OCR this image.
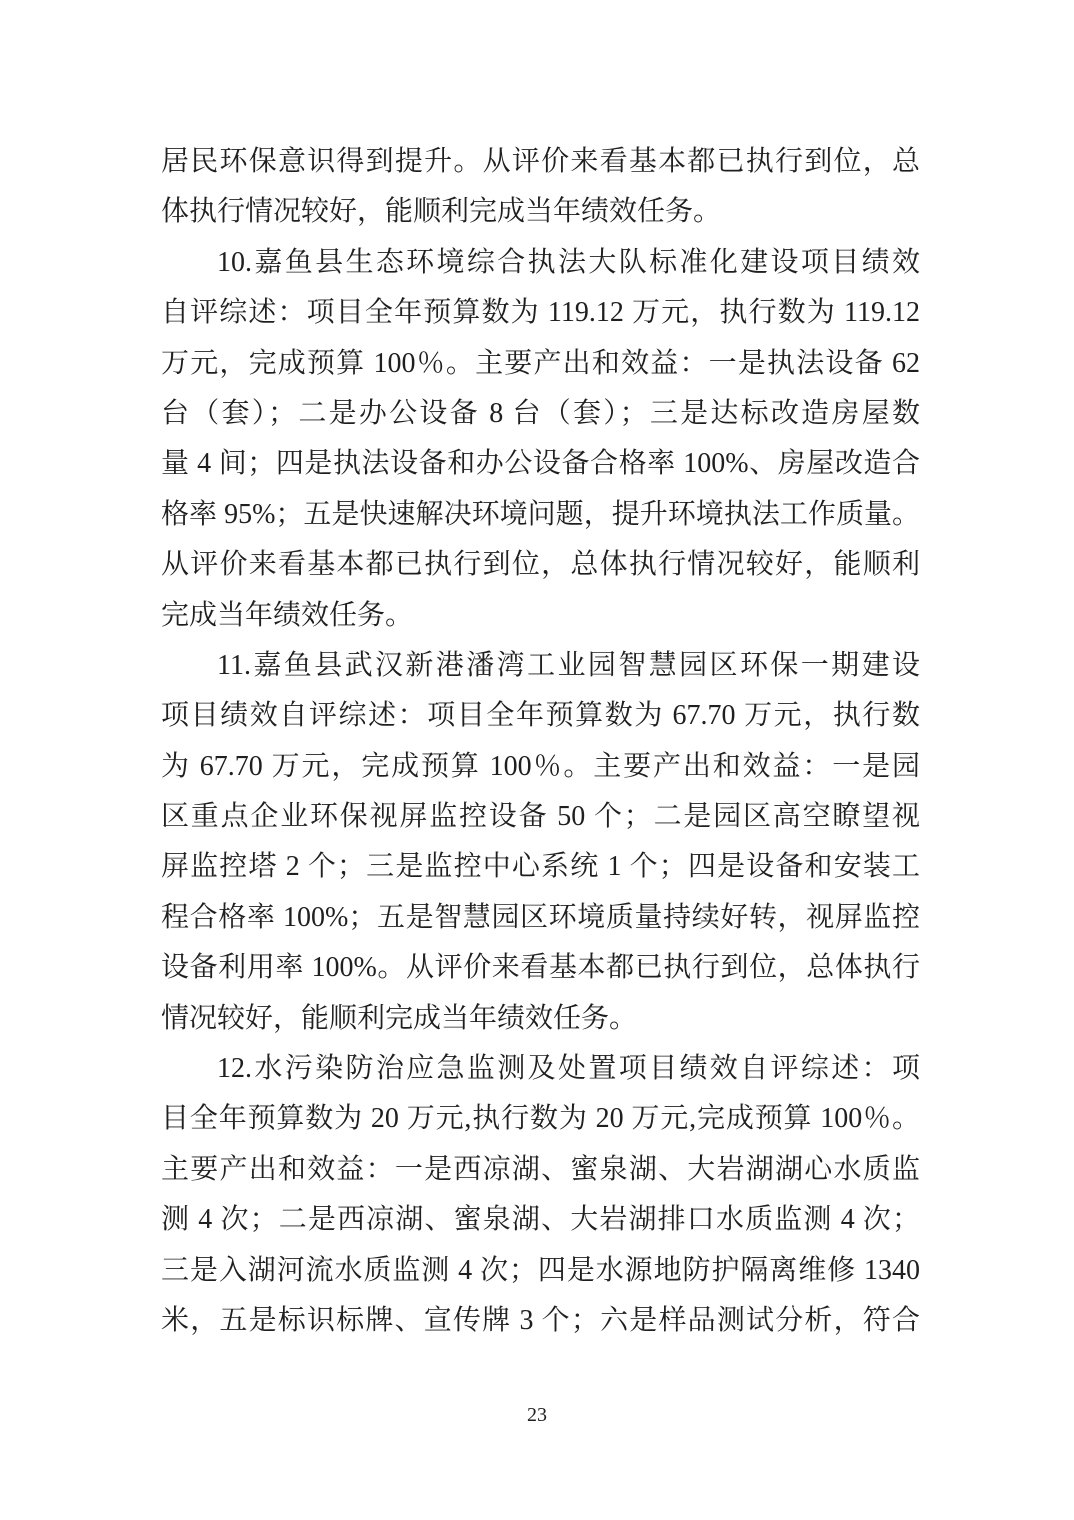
居民环保意识得到提升。从评价来看基本都已执行到位，总
体执行情况较好，能顺利完成当年绩效任务。
10.嘉鱼县生态环境综合执法大队标准化建设项目绩效
自评综述：项目全年预算数为 119.12 万元，执行数为 119.12
万元，完成预算 100％。主要产出和效益：一是执法设备 62
台（套）；二是办公设备 8 台（套）；三是达标改造房屋数
量 4 间；四是执法设备和办公设备合格率 100%、房屋改造合
格率 95%；五是快速解决环境问题，提升环境执法工作质量。
从评价来看基本都已执行到位，总体执行情况较好，能顺利
完成当年绩效任务。
11.嘉鱼县武汉新港潘湾工业园智慧园区环保一期建设
项目绩效自评综述：项目全年预算数为 67.70 万元，执行数
为 67.70 万元，完成预算 100％。主要产出和效益：一是园
区重点企业环保视屏监控设备 50 个；二是园区高空瞭望视
屏监控塔 2 个；三是监控中心系统 1 个；四是设备和安装工
程合格率 100%；五是智慧园区环境质量持续好转，视屏监控
设备利用率 100%。从评价来看基本都已执行到位，总体执行
情况较好，能顺利完成当年绩效任务。
12.水污染防治应急监测及处置项目绩效自评综述：项
目全年预算数为 20 万元,执行数为 20 万元,完成预算 100％。
主要产出和效益：一是西凉湖、蜜泉湖、大岩湖湖心水质监
测 4 次；二是西凉湖、蜜泉湖、大岩湖排口水质监测 4 次；
三是入湖河流水质监测 4 次；四是水源地防护隔离维修 1340
米，五是标识标牌、宣传牌 3 个；六是样品测试分析，符合
23
